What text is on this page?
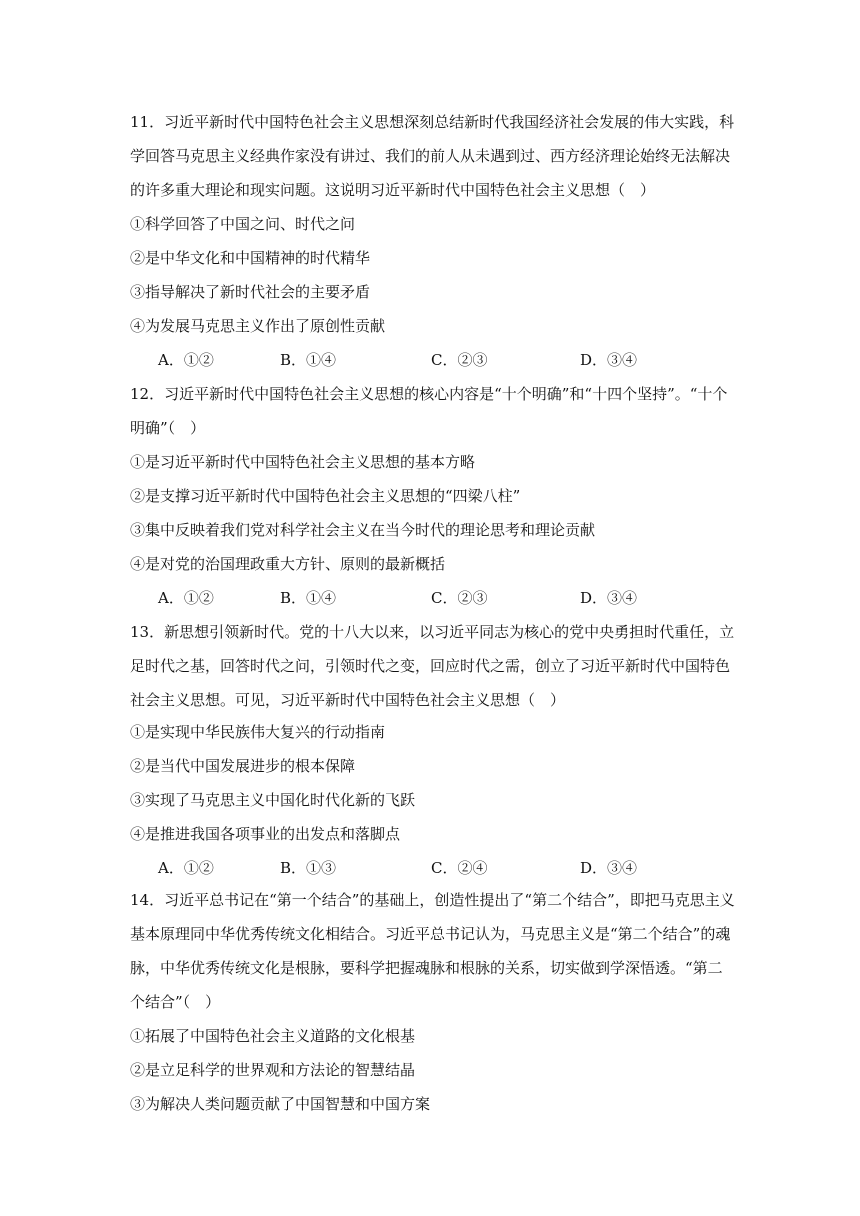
11．习近平新时代中国特色社会主义思想深刻总结新时代我国经济社会发展的伟大实践，科
学回答马克思主义经典作家没有讲过、我们的前人从未遇到过、西方经济理论始终无法解决
的许多重大理论和现实问题。这说明习近平新时代中国特色社会主义思想（　）
①科学回答了中国之问、时代之问
②是中华文化和中国精神的时代精华
③指导解决了新时代社会的主要矛盾
④为发展马克思主义作出了原创性贡献
A．①②	B．①④	C．②③	D．③④
12．习近平新时代中国特色社会主义思想的核心内容是“十个明确”和“十四个坚持”。“十个
明确”（　）
①是习近平新时代中国特色社会主义思想的基本方略
②是支撑习近平新时代中国特色社会主义思想的“四梁八柱”
③集中反映着我们党对科学社会主义在当今时代的理论思考和理论贡献
④是对党的治国理政重大方针、原则的最新概括
A．①②	B．①④	C．②③	D．③④
13．新思想引领新时代。党的十八大以来，以习近平同志为核心的党中央勇担时代重任，立
足时代之基，回答时代之问，引领时代之变，回应时代之需，创立了习近平新时代中国特色
社会主义思想。可见，习近平新时代中国特色社会主义思想（　）
①是实现中华民族伟大复兴的行动指南
②是当代中国发展进步的根本保障
③实现了马克思主义中国化时代化新的飞跃
④是推进我国各项事业的出发点和落脚点
A．①②	B．①③	C．②④	D．③④
14．习近平总书记在“第一个结合”的基础上，创造性提出了“第二个结合”，即把马克思主义
基本原理同中华优秀传统文化相结合。习近平总书记认为，马克思主义是“第二个结合”的魂
脉，中华优秀传统文化是根脉，要科学把握魂脉和根脉的关系，切实做到学深悟透。“第二
个结合”（　）
①拓展了中国特色社会主义道路的文化根基
②是立足科学的世界观和方法论的智慧结晶
③为解决人类问题贡献了中国智慧和中国方案
